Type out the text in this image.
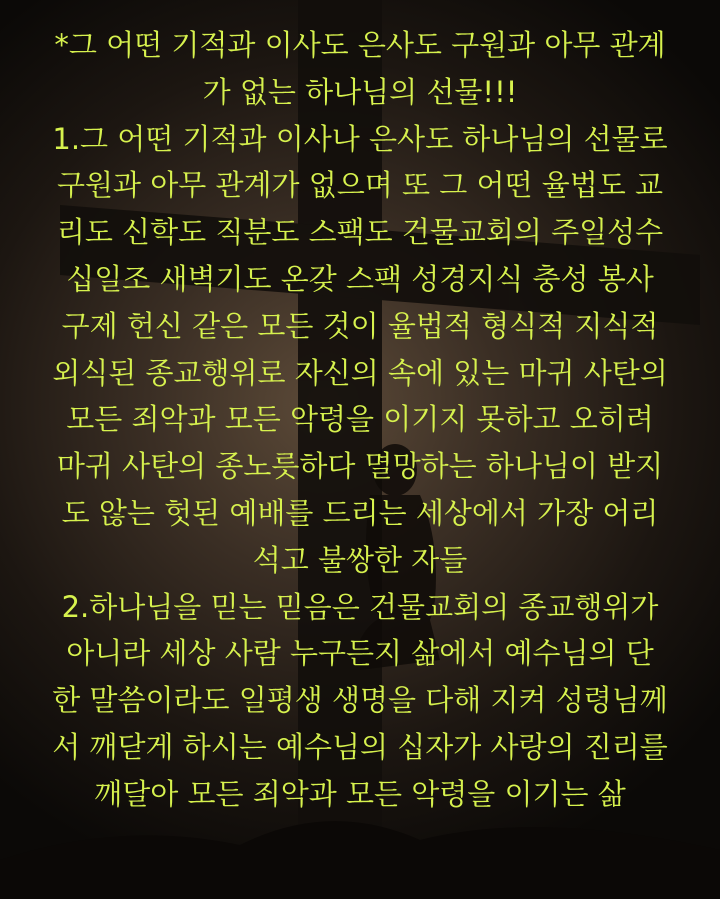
*그 어떤 기적과 이사도 은사도 구원과 아무 관계
가 없는 하나님의 선물!!!
1.그 어떤 기적과 이사나 은사도 하나님의 선물로
구원과 아무 관계가 없으며 또 그 어떤 율법도 교
리도 신학도 직분도 스팩도 건물교회의 주일성수
십일조 새벽기도 온갖 스팩 성경지식 충성 봉사
구제 헌신 같은 모든 것이 율법적 형식적 지식적
외식된 종교행위로 자신의 속에 있는 마귀 사탄의
모든 죄악과 모든 악령을 이기지 못하고 오히려
마귀 사탄의 종노릇하다 멸망하는 하나님이 받지
도 않는 헛된 예배를 드리는 세상에서 가장 어리
석고 불쌍한 자들
2.하나님을 믿는 믿음은 건물교회의 종교행위가
아니라 세상 사람 누구든지 삶에서 예수님의 단
한 말씀이라도 일평생 생명을 다해 지켜 성령님께
서 깨닫게 하시는 예수님의 십자가 사랑의 진리를
깨달아 모든 죄악과 모든 악령을 이기는 삶
